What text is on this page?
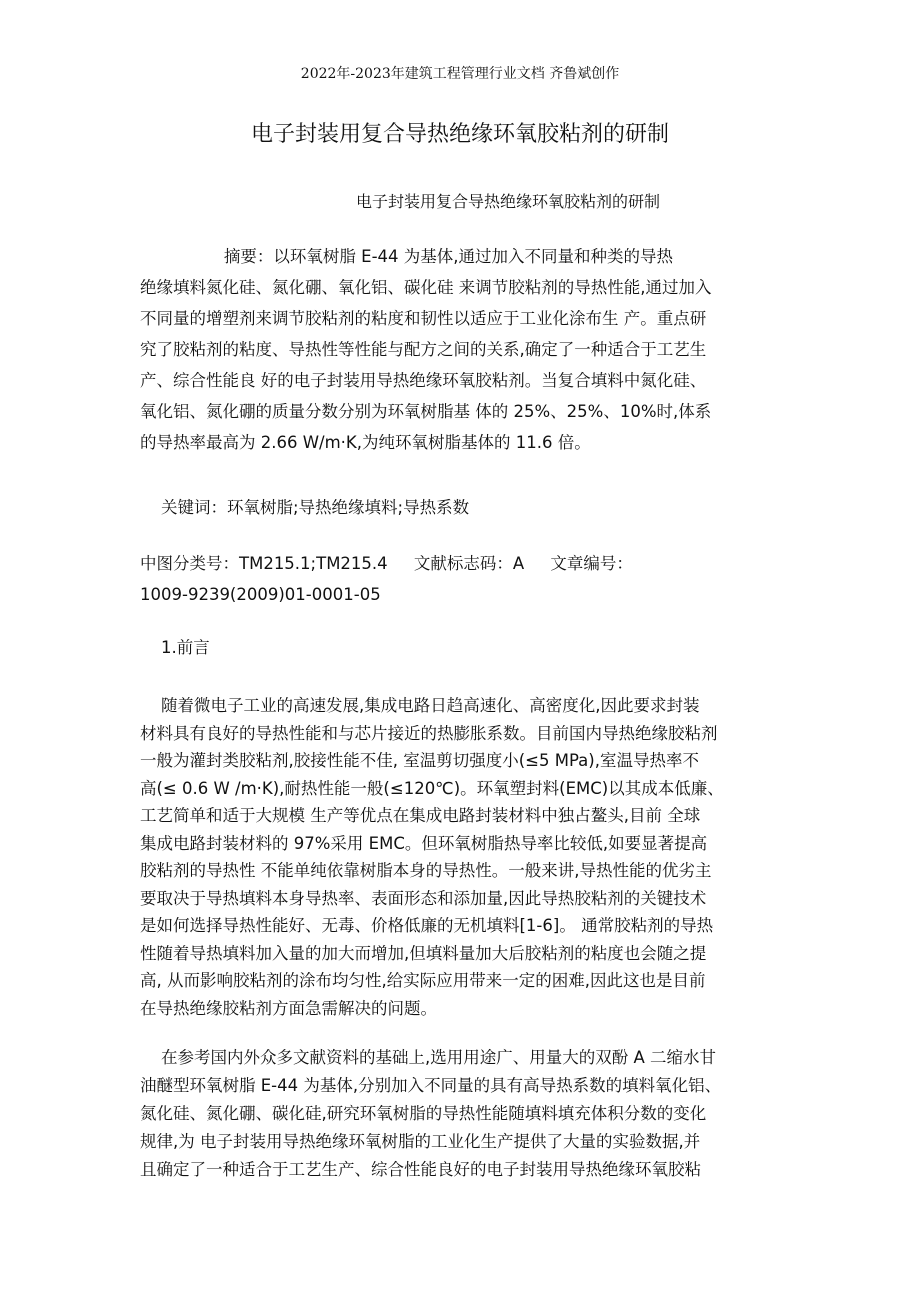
2022年-2023年建筑工程管理行业文档 齐鲁斌创作
电子封装用复合导热绝缘环氧胶粘剂的研制
电子封装用复合导热绝缘环氧胶粘剂的研制
摘要：以环氧树脂 E-44 为基体,通过加入不同量和种类的导热
绝缘填料氮化硅、氮化硼、氧化铝、碳化硅 来调节胶粘剂的导热性能,通过加入
不同量的增塑剂来调节胶粘剂的粘度和韧性以适应于工业化涂布生 产。重点研
究了胶粘剂的粘度、导热性等性能与配方之间的关系,确定了一种适合于工艺生
产、综合性能良 好的电子封装用导热绝缘环氧胶粘剂。当复合填料中氮化硅、
氧化铝、氮化硼的质量分数分别为环氧树脂基 体的 25%、25%、10%时,体系
的导热率最高为 2.66 W/m·K,为纯环氧树脂基体的 11.6 倍。
关键词：环氧树脂;导热绝缘填料;导热系数
中图分类号：TM215.1;TM215.4     文献标志码：A     文章编号：
1009-9239(2009)01-0001-05
1.前言
随着微电子工业的高速发展,集成电路日趋高速化、高密度化,因此要求封装
材料具有良好的导热性能和与芯片接近的热膨胀系数。目前国内导热绝缘胶粘剂
一般为灌封类胶粘剂,胶接性能不佳, 室温剪切强度小(≤5 MPa),室温导热率不
高(≤ 0.6 W /m·K),耐热性能一般(≤120℃)。环氧塑封料(EMC)以其成本低廉、
工艺简单和适于大规模 生产等优点在集成电路封装材料中独占鳌头,目前 全球
集成电路封装材料的 97%采用 EMC。但环氧树脂热导率比较低,如要显著提高
胶粘剂的导热性 不能单纯依靠树脂本身的导热性。一般来讲,导热性能的优劣主
要取决于导热填料本身导热率、表面形态和添加量,因此导热胶粘剂的关键技术
是如何选择导热性能好、无毒、价格低廉的无机填料[1-6]。 通常胶粘剂的导热
性随着导热填料加入量的加大而增加,但填料量加大后胶粘剂的粘度也会随之提
高, 从而影响胶粘剂的涂布均匀性,给实际应用带来一定的困难,因此这也是目前
在导热绝缘胶粘剂方面急需解决的问题。
在参考国内外众多文献资料的基础上,选用用途广、用量大的双酚 A 二缩水甘
油醚型环氧树脂 E-44 为基体,分别加入不同量的具有高导热系数的填料氧化铝、
氮化硅、氮化硼、碳化硅,研究环氧树脂的导热性能随填料填充体积分数的变化
规律,为 电子封装用导热绝缘环氧树脂的工业化生产提供了大量的实验数据,并
且确定了一种适合于工艺生产、综合性能良好的电子封装用导热绝缘环氧胶粘
